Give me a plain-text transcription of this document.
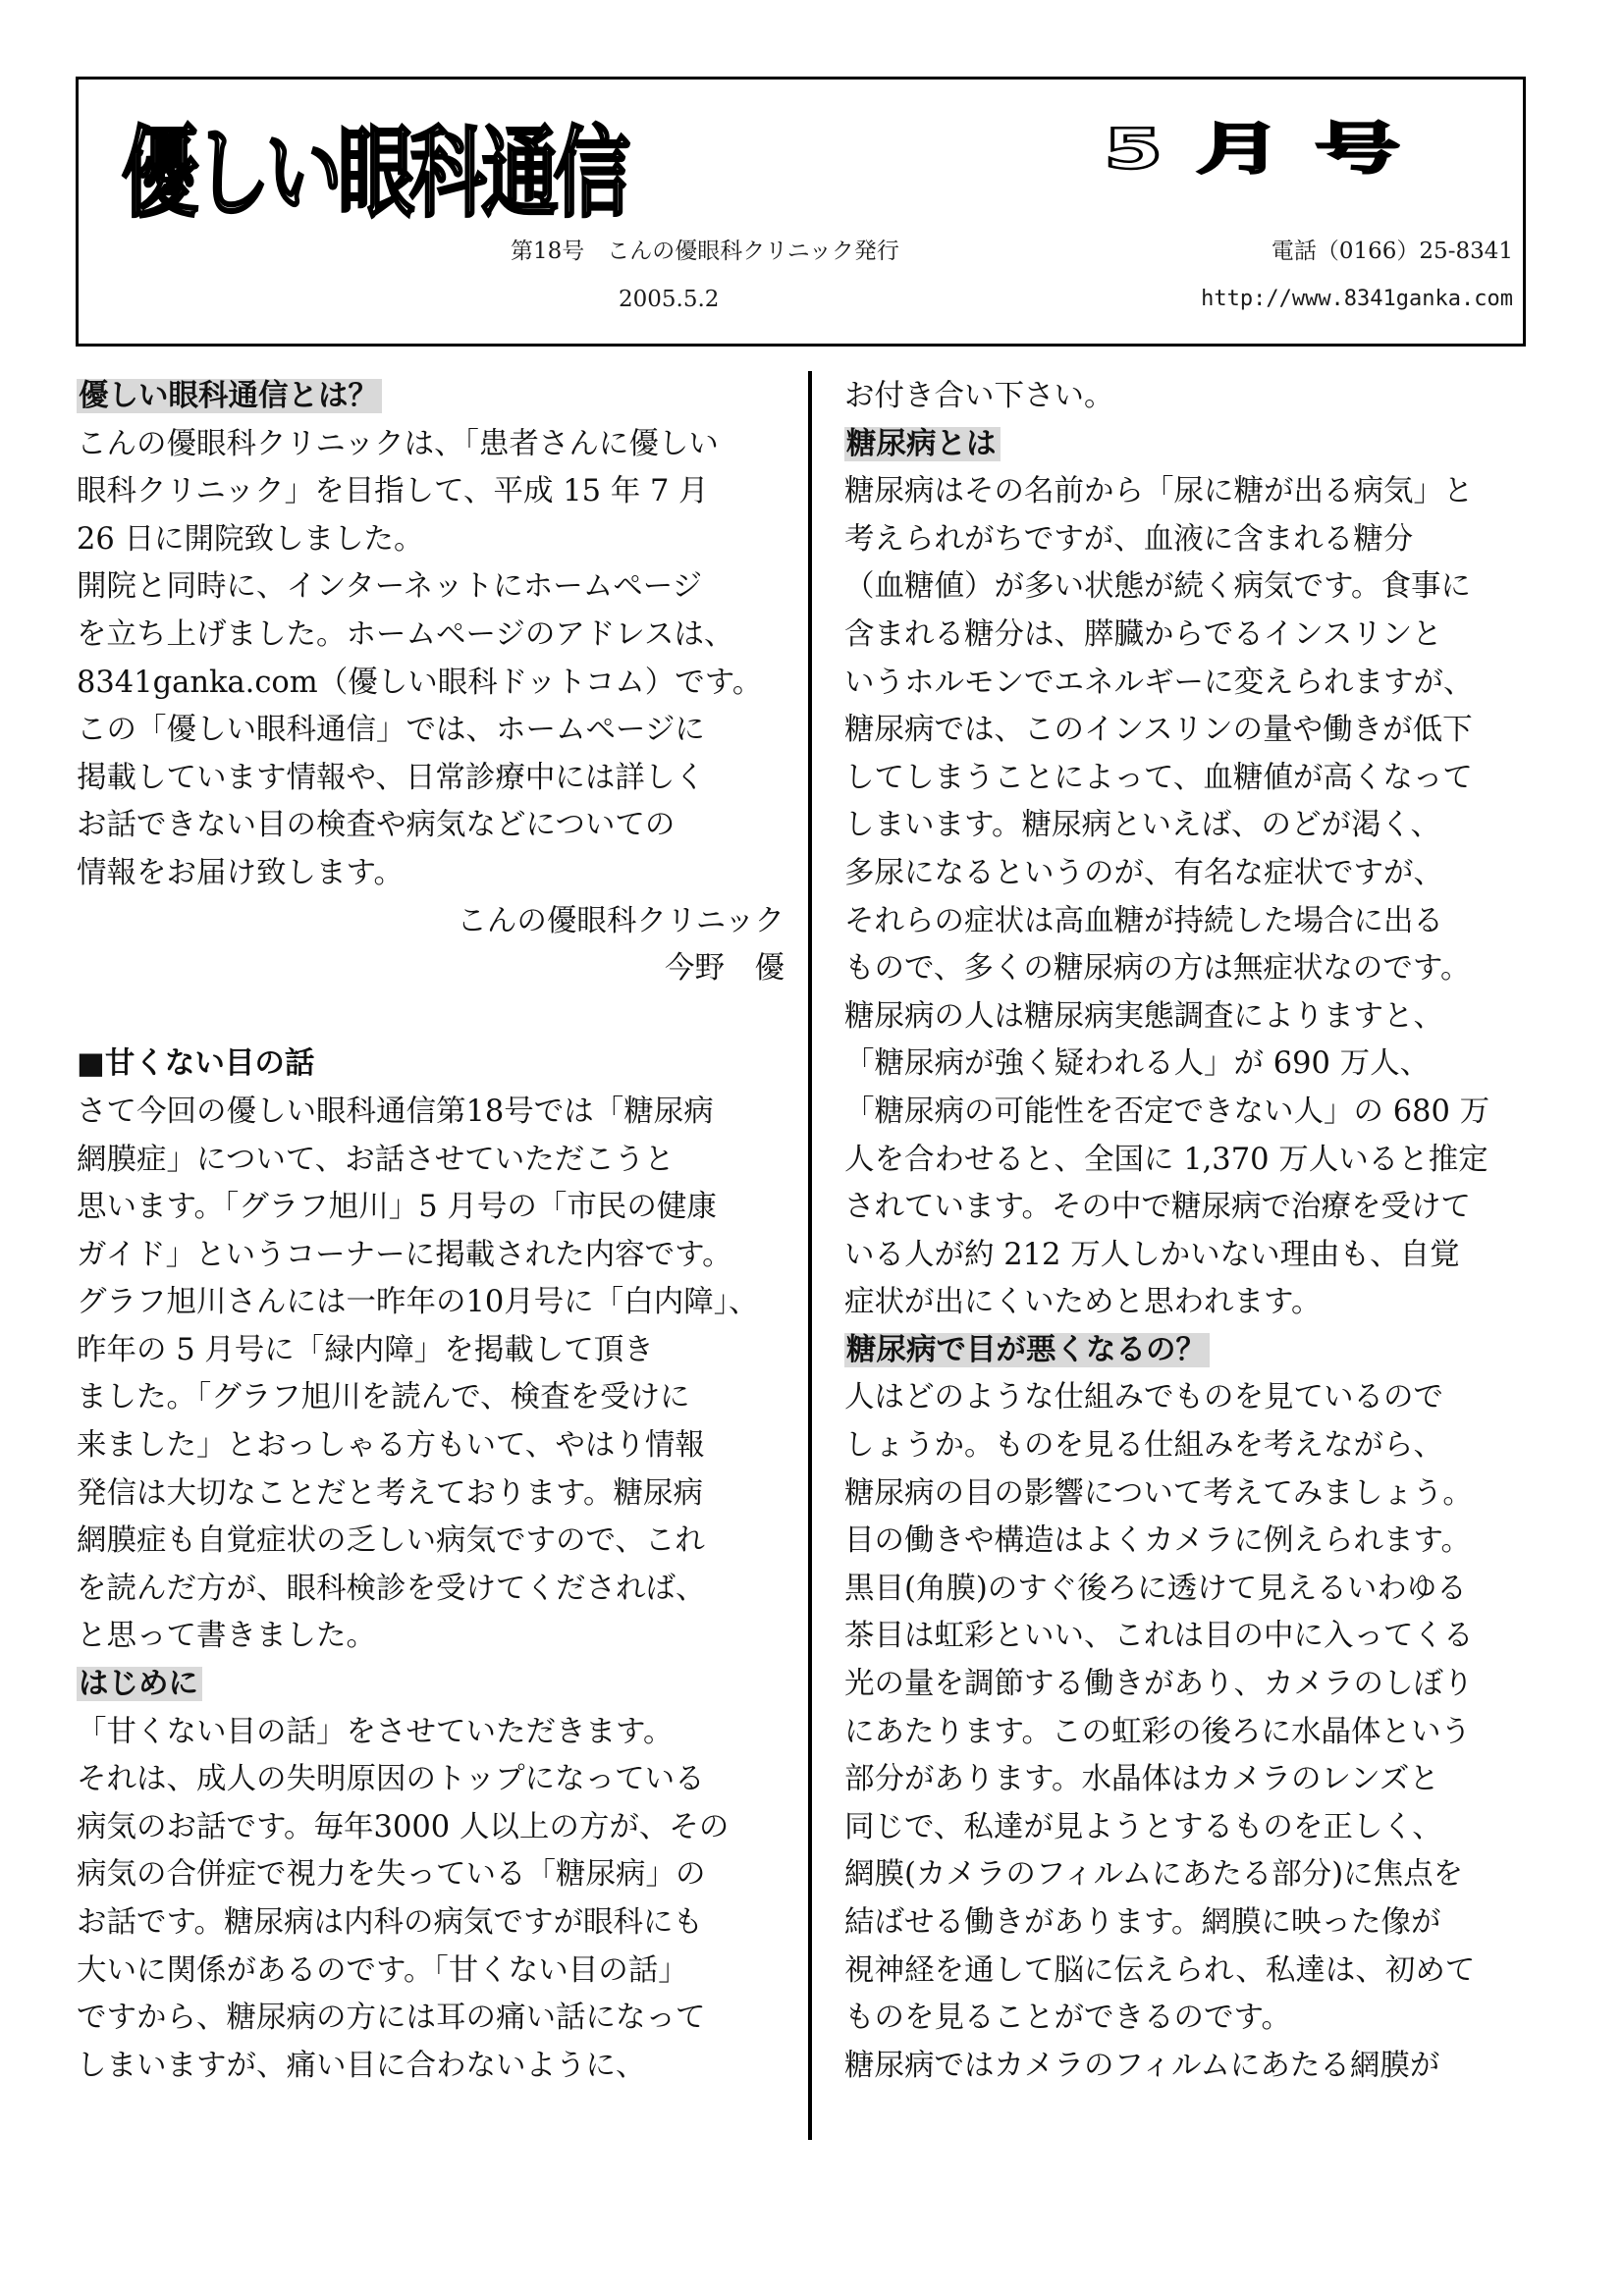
優しい眼科通信	5月号
第18号　こんの優眼科クリニック発行
2005.5.2
電話（0166）25-8341
http://www.8341ganka.com
優しい眼科通信とは？
こんの優眼科クリニックは、「患者さんに優しい
眼科クリニック」を目指して、平成 15 年 7 月
26 日に開院致しました。
開院と同時に、インターネットにホームページ
を立ち上げました。ホームページのアドレスは、
8341ganka.com（優しい眼科ドットコム）です。
この「優しい眼科通信」では、ホームページに
掲載しています情報や、日常診療中には詳しく
お話できない目の検査や病気などについての
情報をお届け致します。
こんの優眼科クリニック
今野　優
■甘くない目の話
さて今回の優しい眼科通信第18号では「糖尿病
網膜症」について、お話させていただこうと
思います。「グラフ旭川」5 月号の「市民の健康
ガイド」というコーナーに掲載された内容です。
グラフ旭川さんには一昨年の10月号に「白内障」、
昨年の 5 月号に「緑内障」を掲載して頂き
ました。「グラフ旭川を読んで、検査を受けに
来ました」とおっしゃる方もいて、やはり情報
発信は大切なことだと考えております。糖尿病
網膜症も自覚症状の乏しい病気ですので、これ
を読んだ方が、眼科検診を受けてくだされば、
と思って書きました。
はじめに
「甘くない目の話」をさせていただきます。
それは、成人の失明原因のトップになっている
病気のお話です。毎年3000 人以上の方が、その
病気の合併症で視力を失っている「糖尿病」の
お話です。糖尿病は内科の病気ですが眼科にも
大いに関係があるのです。「甘くない目の話」
ですから、糖尿病の方には耳の痛い話になって
しまいますが、痛い目に合わないように、
お付き合い下さい。
糖尿病とは
糖尿病はその名前から「尿に糖が出る病気」と
考えられがちですが、血液に含まれる糖分
（血糖値）が多い状態が続く病気です。食事に
含まれる糖分は、膵臓からでるインスリンと
いうホルモンでエネルギーに変えられますが、
糖尿病では、このインスリンの量や働きが低下
してしまうことによって、血糖値が高くなって
しまいます。糖尿病といえば、のどが渇く、
多尿になるというのが、有名な症状ですが、
それらの症状は高血糖が持続した場合に出る
もので、多くの糖尿病の方は無症状なのです。
糖尿病の人は糖尿病実態調査によりますと、
「糖尿病が強く疑われる人」が 690 万人、
「糖尿病の可能性を否定できない人」の 680 万
人を合わせると、全国に 1,370 万人いると推定
されています。その中で糖尿病で治療を受けて
いる人が約 212 万人しかいない理由も、自覚
症状が出にくいためと思われます。
糖尿病で目が悪くなるの？
人はどのような仕組みでものを見ているので
しょうか。ものを見る仕組みを考えながら、
糖尿病の目の影響について考えてみましょう。
目の働きや構造はよくカメラに例えられます。
黒目(角膜)のすぐ後ろに透けて見えるいわゆる
茶目は虹彩といい、これは目の中に入ってくる
光の量を調節する働きがあり、カメラのしぼり
にあたります。この虹彩の後ろに水晶体という
部分があります。水晶体はカメラのレンズと
同じで、私達が見ようとするものを正しく、
網膜(カメラのフィルムにあたる部分)に焦点を
結ばせる働きがあります。網膜に映った像が
視神経を通して脳に伝えられ、私達は、初めて
ものを見ることができるのです。
糖尿病ではカメラのフィルムにあたる網膜が
